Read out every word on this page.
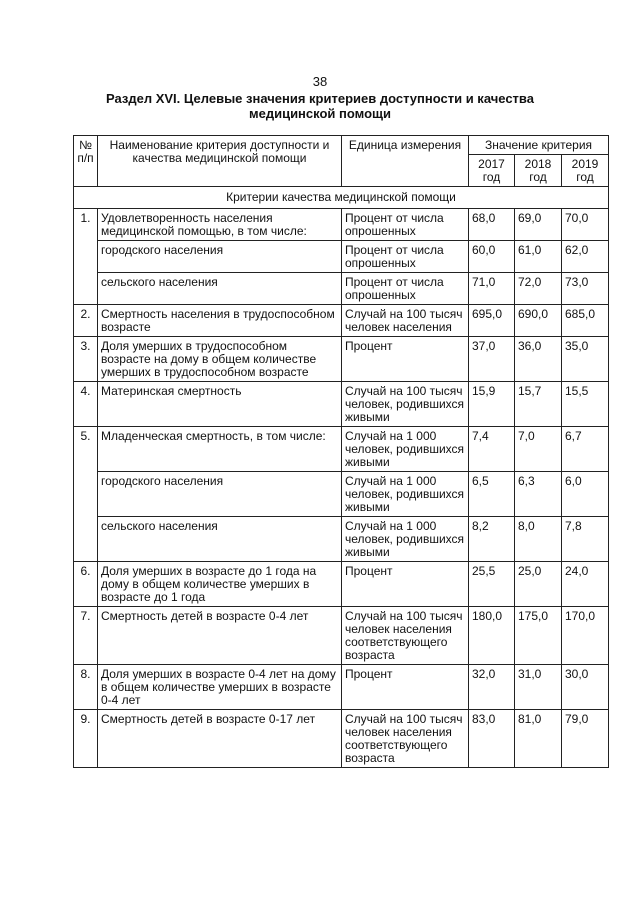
38
Раздел XVI. Целевые значения критериев доступности и качества медицинской помощи
№ п/п	Наименование критерия доступности и качества медицинской помощи	Единица измерения	Значение критерия		
			2017 год	2018 год	2019 год
Критерии качества медицинской помощи					
1.	Удовлетворенность населения медицинской помощью, в том числе:	Процент от числа опрошенных	68,0	69,0	70,0
	городского населения	Процент от числа опрошенных	60,0	61,0	62,0
	сельского населения	Процент от числа опрошенных	71,0	72,0	73,0
2.	Смертность населения в трудоспособном возрасте	Случай на 100 тысяч человек населения	695,0	690,0	685,0
3.	Доля умерших в трудоспособном возрасте на дому в общем количестве умерших в трудоспособном возрасте	Процент	37,0	36,0	35,0
4.	Материнская смертность	Случай на 100 тысяч человек, родившихся живыми	15,9	15,7	15,5
5.	Младенческая смертность, в том числе:	Случай на 1 000 человек, родившихся живыми	7,4	7,0	6,7
	городского населения	Случай на 1 000 человек, родившихся живыми	6,5	6,3	6,0
	сельского населения	Случай на 1 000 человек, родившихся живыми	8,2	8,0	7,8
6.	Доля умерших в возрасте до 1 года на дому в общем количестве умерших в возрасте до 1 года	Процент	25,5	25,0	24,0
7.	Смертность детей в возрасте 0-4 лет	Случай на 100 тысяч человек населения соответствующего возраста	180,0	175,0	170,0
8.	Доля умерших в возрасте 0-4 лет на дому в общем количестве умерших в возрасте 0-4 лет	Процент	32,0	31,0	30,0
9.	Смертность детей в возрасте 0-17 лет	Случай на 100 тысяч человек населения соответствующего возраста	83,0	81,0	79,0
